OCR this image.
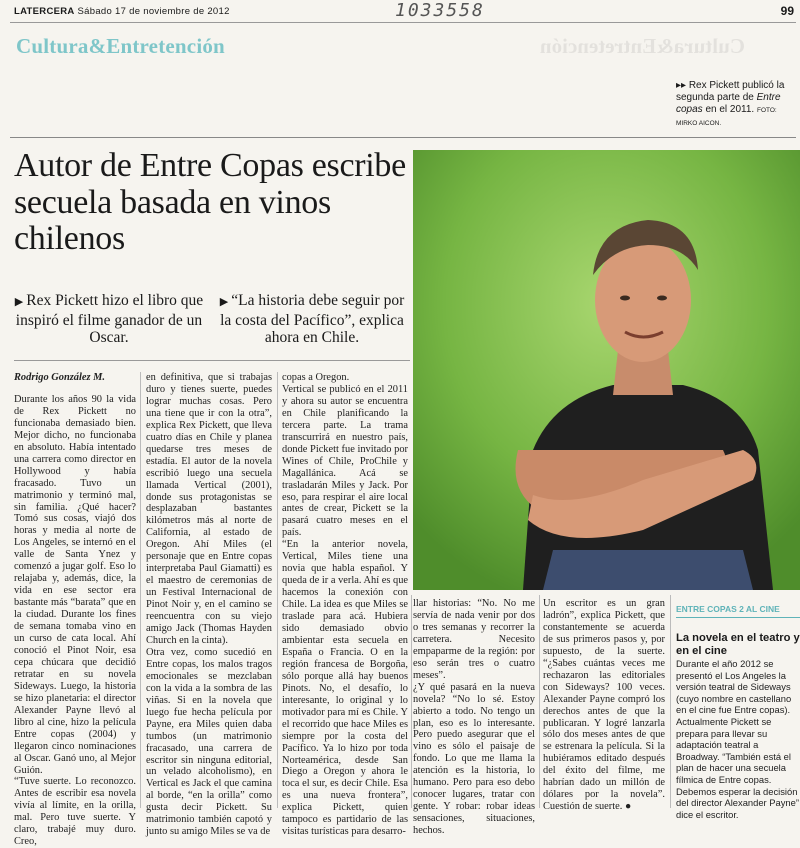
LATERCERA Sábado 17 de noviembre de 2012	1033558	99
Cultura&Entretención	Cultura&Entretención
▸▸ Rex Pickett publicó la segunda parte de Entre copas en el 2011. FOTO:
MIRKO AICON.
Autor de Entre Copas escribe secuela basada en vinos chilenos
▶ Rex Pickett hizo el libro que inspiró el filme ganador de un Oscar.
▶ “La historia debe seguir por la costa del Pacífico”, explica ahora en Chile.
Rodrigo González M.
Durante los años 90 la vida de Rex Pickett no funcionaba demasiado bien. Mejor dicho, no funcionaba en absoluto. Había intentado una carrera como director en Hollywood y había fracasado. Tuvo un matrimonio y terminó mal, sin familia. ¿Qué hacer? Tomó sus cosas, viajó dos horas y media al norte de Los Angeles, se internó en el valle de Santa Ynez y comenzó a jugar golf. Eso lo relajaba y, además, dice, la vida en ese sector era bastante más “barata” que en la ciudad. Durante los fines de semana tomaba vino en un curso de cata local. Ahí conoció el Pinot Noir, esa cepa chúcara que decidió retratar en su novela Sideways. Luego, la historia se hizo planetaria: el director Alexander Payne llevó al libro al cine, hizo la película Entre copas (2004) y llegaron cinco nominaciones al Oscar. Ganó uno, al Mejor Guión.
“Tuve suerte. Lo reconozco. Antes de escribir esa novela vivía al límite, en la orilla, mal. Pero tuve suerte. Y claro, trabajé muy duro. Creo,
en definitiva, que si trabajas duro y tienes suerte, puedes lograr muchas cosas. Pero una tiene que ir con la otra”, explica Rex Pickett, que lleva cuatro días en Chile y planea quedarse tres meses de estadía. El autor de la novela escribió luego una secuela llamada Vertical (2001), donde sus protagonistas se desplazaban bastantes kilómetros más al norte de California, al estado de Oregon. Ahí Miles (el personaje que en Entre copas interpretaba Paul Giamatti) es el maestro de ceremonias de un Festival Internacional de Pinot Noir y, en el camino se reencuentra con su viejo amigo Jack (Thomas Hayden Church en la cinta).
Otra vez, como sucedió en Entre copas, los malos tragos emocionales se mezclaban con la vida a la sombra de las viñas. Si en la novela que luego fue hecha película por Payne, era Miles quien daba tumbos (un matrimonio fracasado, una carrera de escritor sin ninguna editorial, un velado alcoholismo), en Vertical es Jack el que camina al borde, “en la orilla” como gusta decir Pickett. Su matrimonio también capotó y junto su amigo Miles se va de
copas a Oregon.
Vertical se publicó en el 2011 y ahora su autor se encuentra en Chile planificando la tercera parte. La trama transcurrirá en nuestro país, donde Pickett fue invitado por Wines of Chile, ProChile y Magallánica. Acá se trasladarán Miles y Jack. Por eso, para respirar el aire local antes de crear, Pickett se la pasará cuatro meses en el país.
“En la anterior novela, Vertical, Miles tiene una novia que habla español. Y queda de ir a verla. Ahí es que hacemos la conexión con Chile. La idea es que Miles se traslade para acá. Hubiera sido demasiado obvio ambientar esta secuela en España o Francia. O en la región francesa de Borgoña, sólo porque allá hay buenos Pinots. No, el desafío, lo interesante, lo original y lo motivador para mí es Chile. Y el recorrido que hace Miles es siempre por la costa del Pacífico. Ya lo hizo por toda Norteamérica, desde San Diego a Oregon y ahora le toca el sur, es decir Chile. Esa es una nueva frontera”, explica Pickett, quien tampoco es partidario de las visitas turísticas para desarro-
llar historias: “No. No me servía de nada venir por dos o tres semanas y recorrer la carretera. Necesito empaparme de la región: por eso serán tres o cuatro meses”.
¿Y qué pasará en la nueva novela? “No lo sé. Estoy abierto a todo. No tengo un plan, eso es lo interesante. Pero puedo asegurar que el vino es sólo el paisaje de fondo. Lo que me llama la atención es la historia, lo humano. Pero para eso debo conocer lugares, tratar con gente. Y robar: robar ideas sensaciones, situaciones, hechos.
Un escritor es un gran ladrón”, explica Pickett, que constantemente se acuerda de sus primeros pasos y, por supuesto, de la suerte. “¿Sabes cuántas veces me rechazaron las editoriales con Sideways? 100 veces. Alexander Payne compró los derechos antes de que la publicaran. Y logré lanzarla sólo dos meses antes de que se estrenara la película. Si la hubiéramos editado después del éxito del filme, me habrían dado un millón de dólares por la novela”. Cuestión de suerte. ●
ENTRE COPAS 2 AL CINE
La novela en el teatro y en el cine
Durante el año 2012 se presentó el Los Angeles la versión teatral de Sideways (cuyo nombre en castellano en el cine fue Entre copas). Actualmente Pickett se prepara para llevar su adaptación teatral a Broadway. “También está el plan de hacer una secuela fílmica de Entre copas. Debemos esperar la decisión del director Alexander Payne” dice el escritor.
